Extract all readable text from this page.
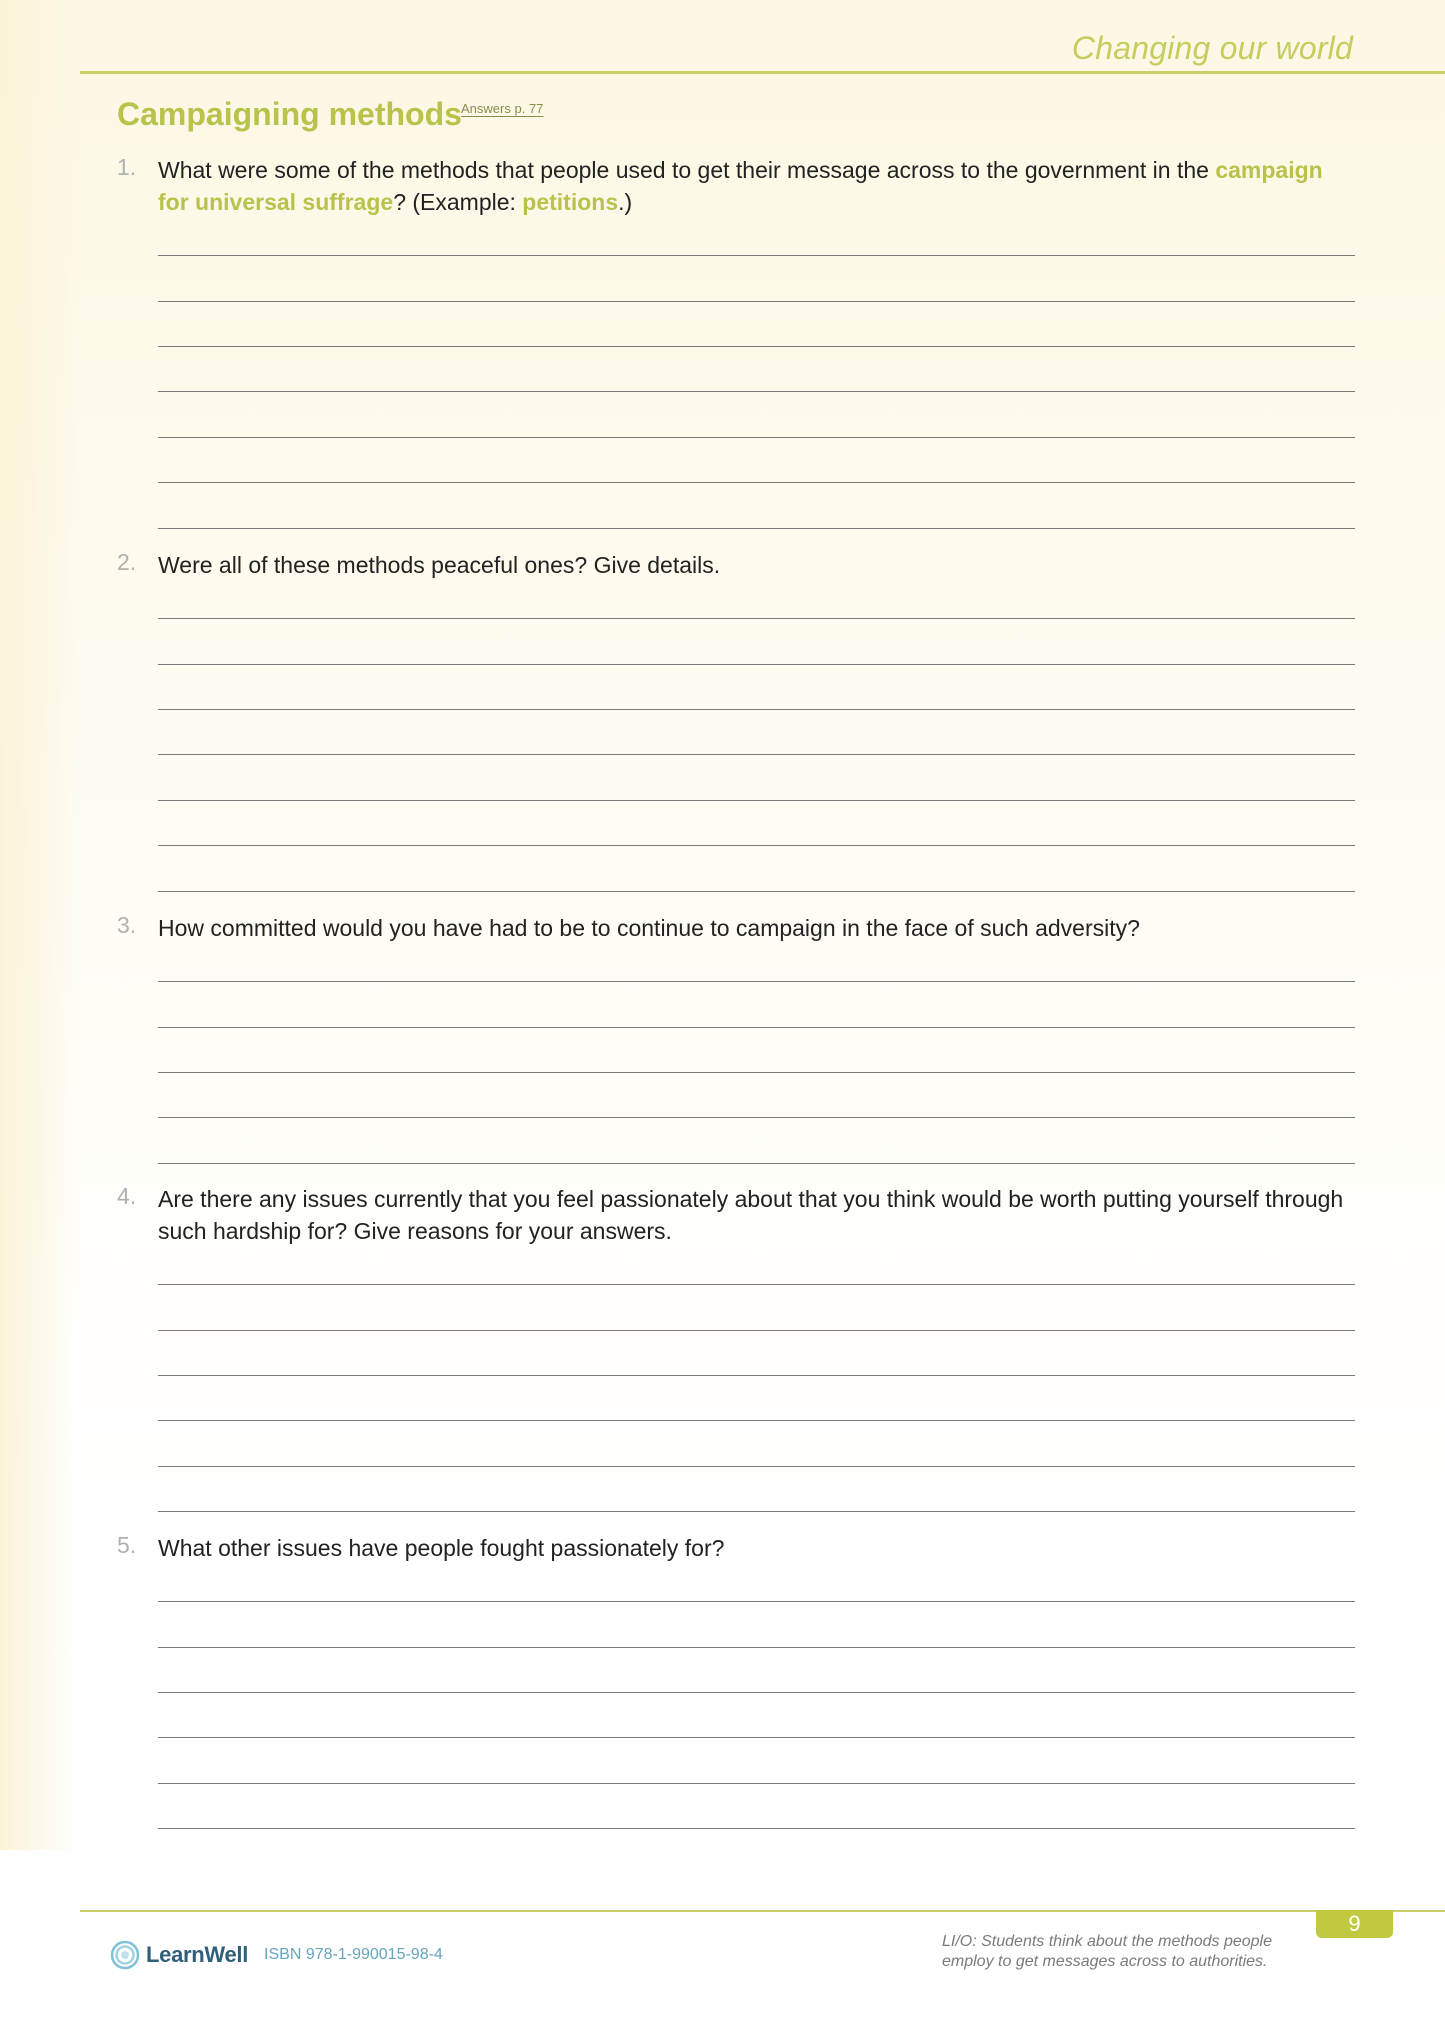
Changing our world
Campaigning methods Answers p. 77
1. What were some of the methods that people used to get their message across to the government in the campaign for universal suffrage? (Example: petitions.)
2. Were all of these methods peaceful ones? Give details.
3. How committed would you have had to be to continue to campaign in the face of such adversity?
4. Are there any issues currently that you feel passionately about that you think would be worth putting yourself through such hardship for? Give reasons for your answers.
5. What other issues have people fought passionately for?
LearnWell ISBN 978-1-990015-98-4
LI/O: Students think about the methods people
employ to get messages across to authorities.
9
